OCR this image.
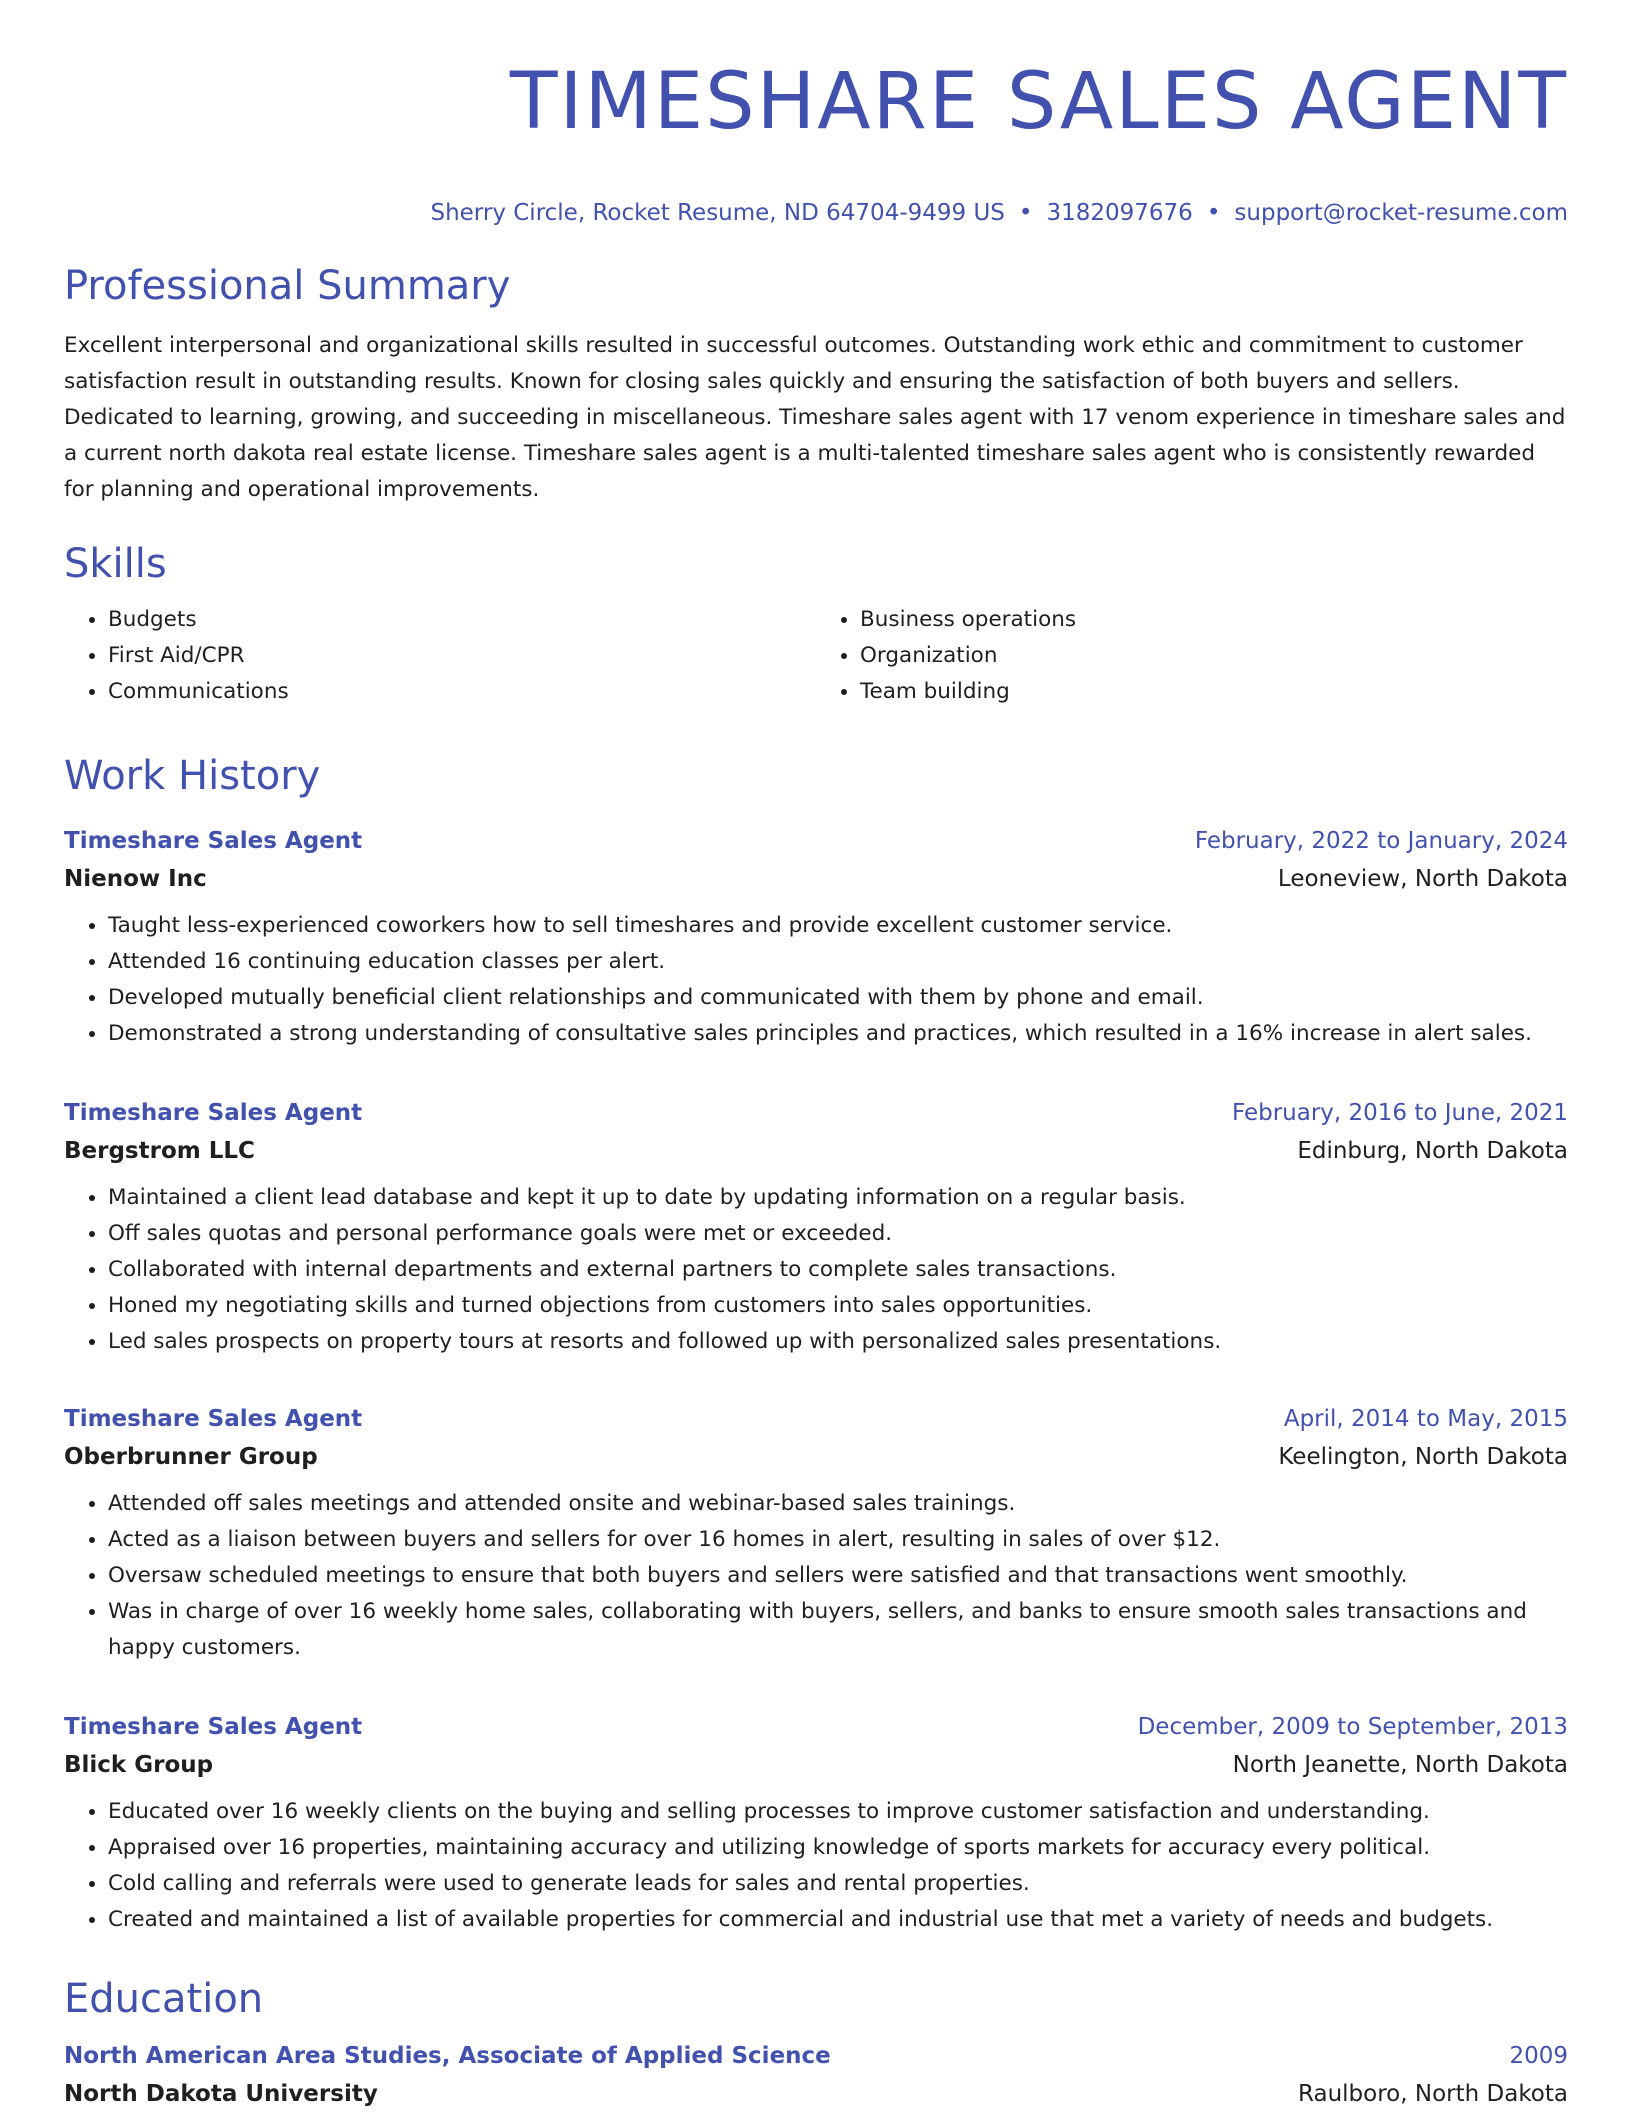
TIMESHARE SALES AGENT
Sherry Circle, Rocket Resume, ND 64704-9499 US • 3182097676 • support@rocket-resume.com
Professional Summary

Excellent interpersonal and organizational skills resulted in successful outcomes. Outstanding work ethic and commitment to customer satisfaction result in outstanding results. Known for closing sales quickly and ensuring the satisfaction of both buyers and sellers. Dedicated to learning, growing, and succeeding in miscellaneous. Timeshare sales agent with 17 venom experience in timeshare sales and a current north dakota real estate license. Timeshare sales agent is a multi-talented timeshare sales agent who is consistently rewarded for planning and operational improvements.

Skills
• Budgets
• First Aid/CPR
• Communications
• Business operations
• Organization
• Team building
Work History
Timeshare Sales Agent	February, 2022 to January, 2024
Nienow Inc	Leoneview, North Dakota
• Taught less-experienced coworkers how to sell timeshares and provide excellent customer service.
• Attended 16 continuing education classes per alert.
• Developed mutually beneficial client relationships and communicated with them by phone and email.
• Demonstrated a strong understanding of consultative sales principles and practices, which resulted in a 16% increase in alert sales.
Timeshare Sales Agent	February, 2016 to June, 2021
Bergstrom LLC	Edinburg, North Dakota
• Maintained a client lead database and kept it up to date by updating information on a regular basis.
• Off sales quotas and personal performance goals were met or exceeded.
• Collaborated with internal departments and external partners to complete sales transactions.
• Honed my negotiating skills and turned objections from customers into sales opportunities.
• Led sales prospects on property tours at resorts and followed up with personalized sales presentations.
Timeshare Sales Agent	April, 2014 to May, 2015
Oberbrunner Group	Keelington, North Dakota
• Attended off sales meetings and attended onsite and webinar-based sales trainings.
• Acted as a liaison between buyers and sellers for over 16 homes in alert, resulting in sales of over $12.
• Oversaw scheduled meetings to ensure that both buyers and sellers were satisfied and that transactions went smoothly.
• Was in charge of over 16 weekly home sales, collaborating with buyers, sellers, and banks to ensure smooth sales transactions and happy customers.
Timeshare Sales Agent	December, 2009 to September, 2013
Blick Group	North Jeanette, North Dakota
• Educated over 16 weekly clients on the buying and selling processes to improve customer satisfaction and understanding.
• Appraised over 16 properties, maintaining accuracy and utilizing knowledge of sports markets for accuracy every political.
• Cold calling and referrals were used to generate leads for sales and rental properties.
• Created and maintained a list of available properties for commercial and industrial use that met a variety of needs and budgets.
Education
North American Area Studies, Associate of Applied Science	2009
North Dakota University	Raulboro, North Dakota
